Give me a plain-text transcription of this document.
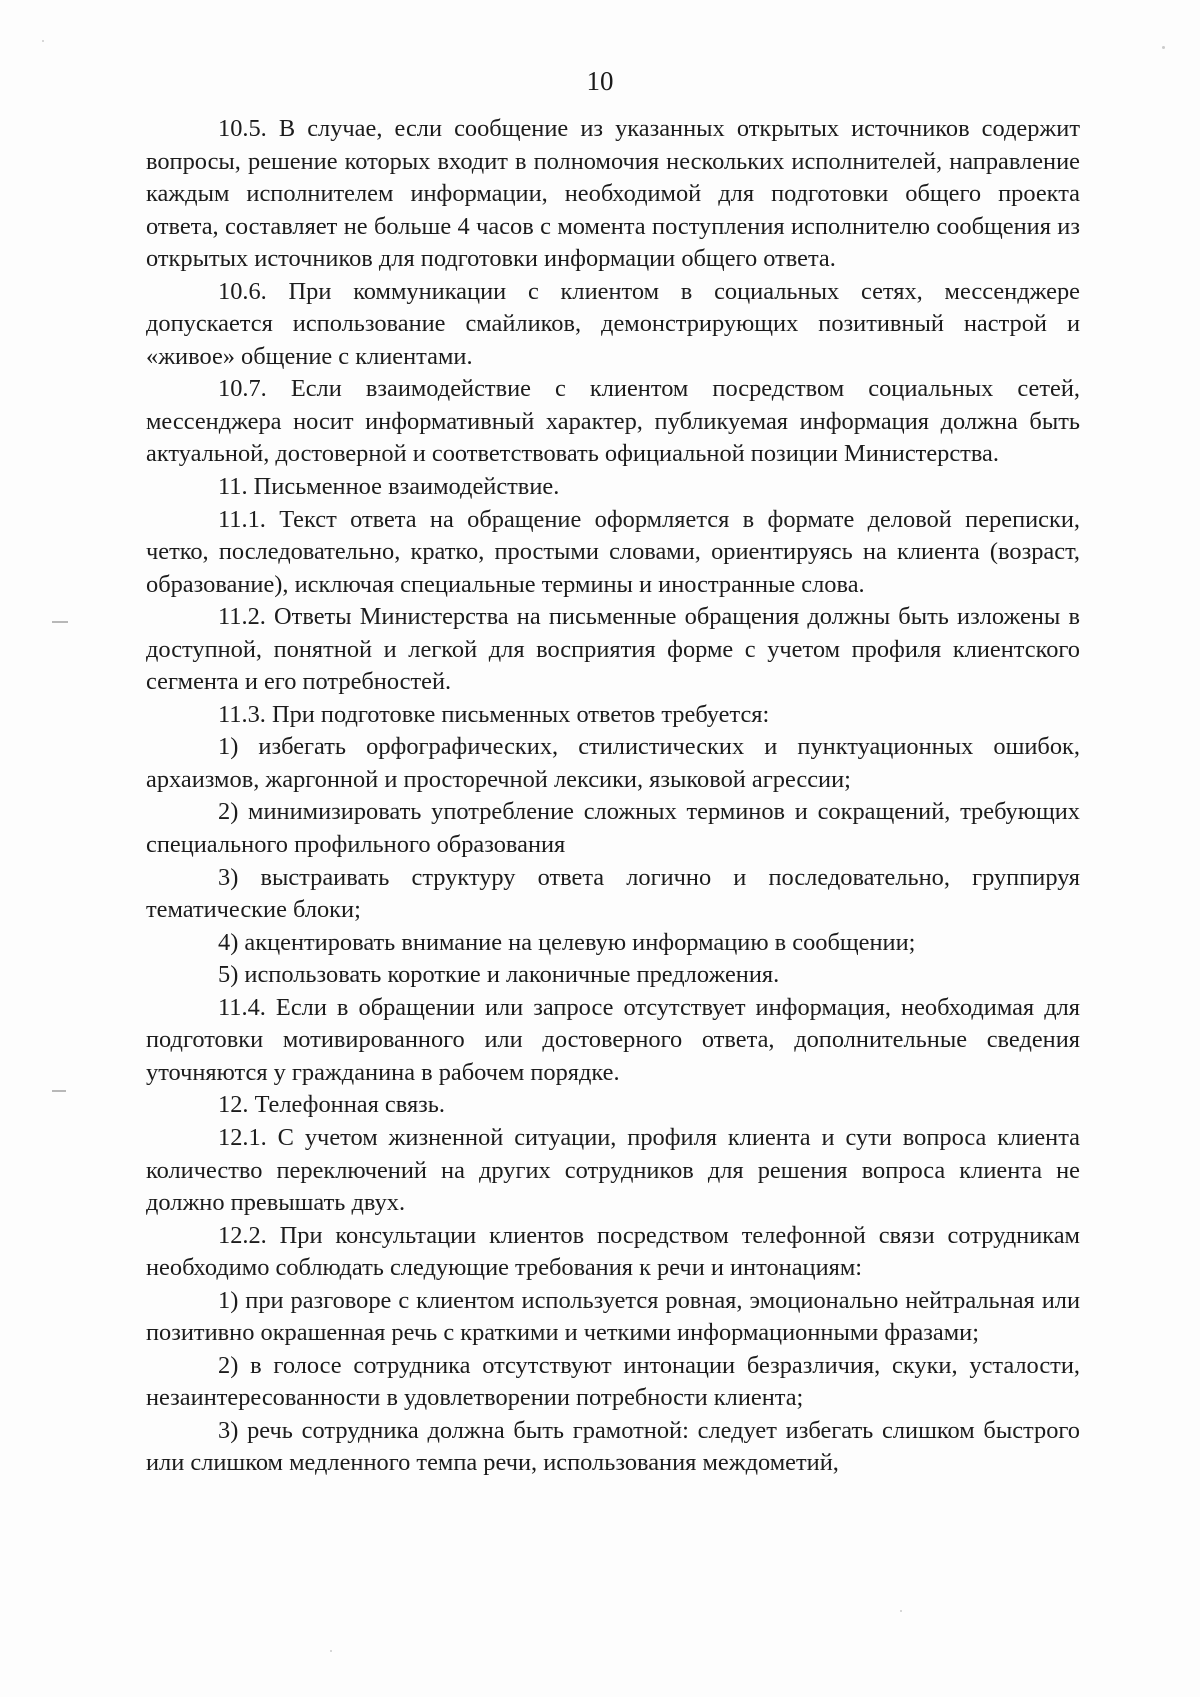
10

10.5. В случае, если сообщение из указанных открытых источников содержит вопросы, решение которых входит в полномочия нескольких исполнителей, направление каждым исполнителем информации, необходимой для подготовки общего проекта ответа, составляет не больше 4 часов с момента поступления исполнителю сообщения из открытых источников для подготовки информации общего ответа.

10.6. При коммуникации с клиентом в социальных сетях, мессенджере допускается использование смайликов, демонстрирующих позитивный настрой и «живое» общение с клиентами.

10.7. Если взаимодействие с клиентом посредством социальных сетей, мессенджера носит информативный характер, публикуемая информация должна быть актуальной, достоверной и соответствовать официальной позиции Министерства.

11. Письменное взаимодействие.

11.1. Текст ответа на обращение оформляется в формате деловой переписки, четко, последовательно, кратко, простыми словами, ориентируясь на клиента (возраст, образование), исключая специальные термины и иностранные слова.

11.2. Ответы Министерства на письменные обращения должны быть изложены в доступной, понятной и легкой для восприятия форме с учетом профиля клиентского сегмента и его потребностей.

11.3. При подготовке письменных ответов требуется:

1) избегать орфографических, стилистических и пунктуационных ошибок, архаизмов, жаргонной и просторечной лексики, языковой агрессии;

2) минимизировать употребление сложных терминов и сокращений, требующих специального профильного образования

3) выстраивать структуру ответа логично и последовательно, группируя тематические блоки;

4) акцентировать внимание на целевую информацию в сообщении;

5) использовать короткие и лаконичные предложения.

11.4. Если в обращении или запросе отсутствует информация, необходимая для подготовки мотивированного или достоверного ответа, дополнительные сведения уточняются у гражданина в рабочем порядке.

12. Телефонная связь.

12.1. С учетом жизненной ситуации, профиля клиента и сути вопроса клиента количество переключений на других сотрудников для решения вопроса клиента не должно превышать двух.

12.2. При консультации клиентов посредством телефонной связи сотрудникам необходимо соблюдать следующие требования к речи и интонациям:

1) при разговоре с клиентом используется ровная, эмоционально нейтральная или позитивно окрашенная речь с краткими и четкими информационными фразами;

2) в голосе сотрудника отсутствуют интонации безразличия, скуки, усталости, незаинтересованности в удовлетворении потребности клиента;

3) речь сотрудника должна быть грамотной: следует избегать слишком быстрого или слишком медленного темпа речи, использования междометий,
